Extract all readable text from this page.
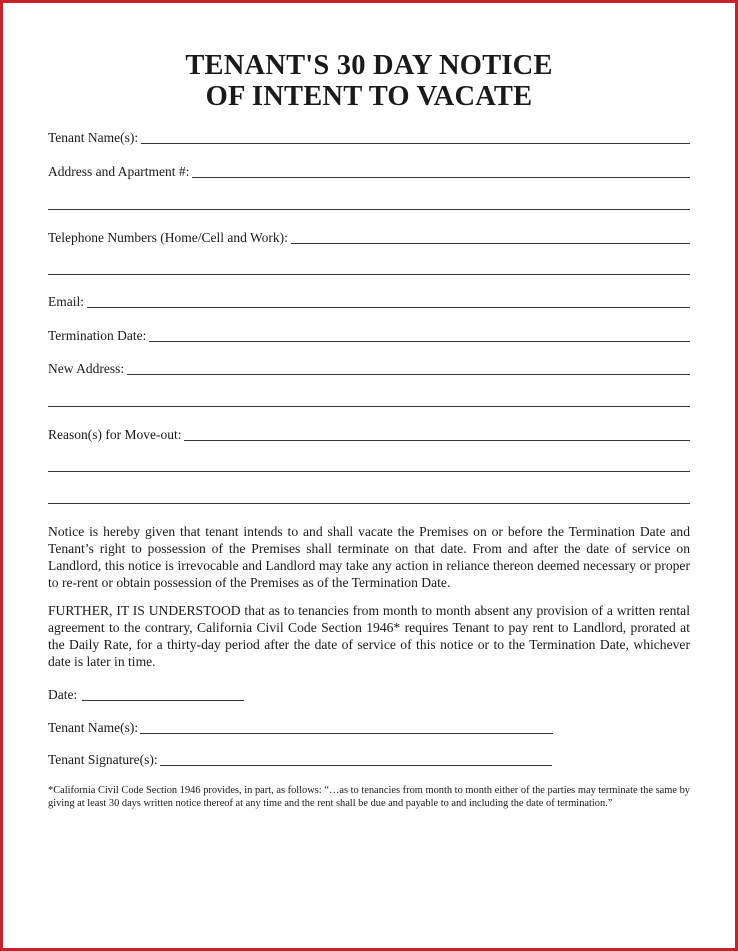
TENANT'S 30 DAY NOTICE
OF INTENT TO VACATE
Tenant Name(s):
Address and Apartment #:
Telephone Numbers (Home/Cell and Work):
Email:
Termination Date:
New Address:
Reason(s) for Move-out:
Notice is hereby given that tenant intends to and shall vacate the Premises on or before the Termination Date and Tenant’s right to possession of the Premises shall terminate on that date. From and after the date of service on Landlord, this notice is irrevocable and Landlord may take any action in reliance thereon deemed necessary or proper to re-rent or obtain possession of the Premises as of the Termination Date.
FURTHER, IT IS UNDERSTOOD that as to tenancies from month to month absent any provision of a written rental agreement to the contrary, California Civil Code Section 1946* requires Tenant to pay rent to Landlord, prorated at the Daily Rate, for a thirty-day period after the date of service of this notice or to the Termination Date, whichever date is later in time.
Date:
Tenant Name(s):
Tenant Signature(s):
*California Civil Code Section 1946 provides, in part, as follows: “…as to tenancies from month to month either of the parties may terminate the same by giving at least 30 days written notice thereof at any time and the rent shall be due and payable to and including the date of termination.”
